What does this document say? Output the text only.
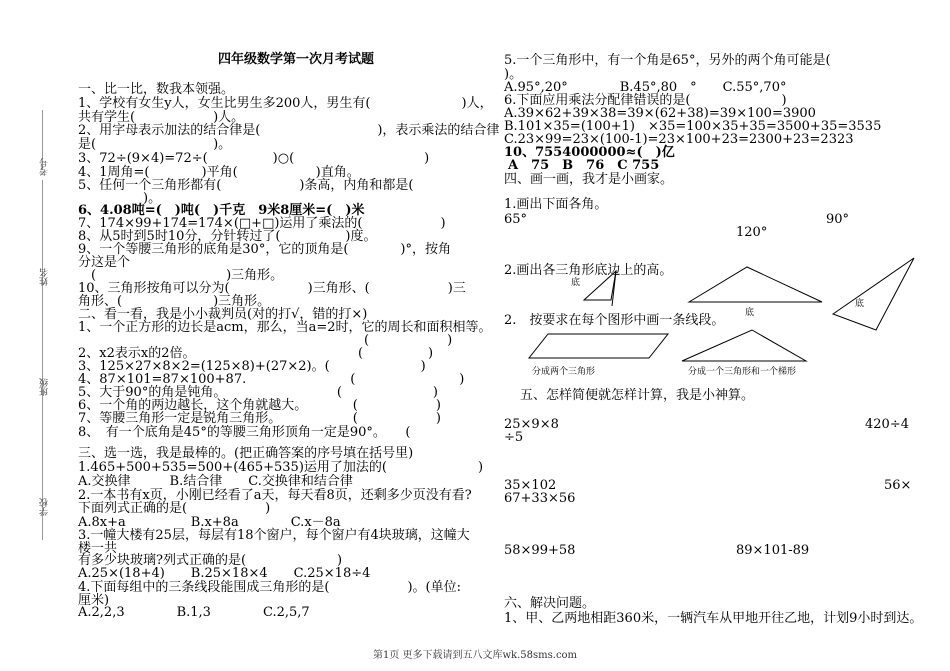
考号
姓名
班级
学校
四年级数学第一次月考试题
一、比一比，数我本领强。
1、学校有女生y人，女生比男生多200人，男生有(　　　　　　　)人，
共有学生(　　　　　　)人。
2、用字母表示加法的结合律是(　　　　　　　　　)，表示乘法的结合律
是(　　　　　　　　　)。
3、72÷(9×4)=72÷(　　　　　)○(　　　　　　　　　　)
4、1周角=(　　　　)平角(　　　　　　)直角。
5、任何一个三角形都有(　　　　　　)条高，内角和都是(
　　　　　)。
6、4.08吨=(　)吨(　)千克　9米8厘米=(　)米
7、174×99+174=174×(□+□)运用了乘法的(　　　　　　)
8、从5时到5时10分，分针转过了(　　　　　)度。
9、一个等腰三角形的底角是30°，它的顶角是(　　　　)°，按角
分这是个
　(　　　　　　　　　　)三角形。
10、三角形按角可以分为(　　　　　　)三角形、(　　　　　　)三
角形、(　　　　　　　)三角形。
二、看一看，我是小小裁判员(对的打√，错的打×)
1、一个正方形的边长是acm，那么，当a=2时，它的周长和面积相等。
　　　　　　　　　　　　　　　　　　　　　　(　　　　　　)
2、x2表示x的2倍。　　　　　　　　　　　　　(　　　　　)
3、125×27×8×2=(125×8)+(27×2)。(　　　　　　　)
4、87×101=87×100+87.　　　　　　　　(　　　　　　　　)
5、大于90°的角是钝角。　　　　　　　　　(　　　　　　　)
6、一个角的两边越长，这个角就越大。　　　　(　　　　　　)
7、等腰三角形一定是锐角三角形。　　　　　　(　　　　　　)
8、　有一个底角是45°的等腰三角形顶角一定是90°。　　(
三、选一选，我是最棒的。(把正确答案的序号填在括号里)
1.465+500+535=500+(465+535)运用了加法的(　　　　　　　)
A.交换律　　　B.结合律　　C.交换律和结合律
2.一本书有x页，小刚已经看了a天，每天看8页，还剩多少页没有看?
下面列式正确的是(　　　　　　)
A.8x+a　　　　　B.x+8a　　　　C.x－8a
3.一幢大楼有25层，每层有18个窗户，每个窗户有4块玻璃，这幢大
楼一共
有多少块玻璃?列式正确的是(　　　　　　　)
A.25×(18+4)　　B.25×18×4　　C.25×18÷4
4.下面每组中的三条线段能围成三角形的是(　　　　　　)。(单位:
厘米)
A.2,2,3　　　　B.1,3　　　　C.2,5,7
5.一个三角形中，有一个角是65°，另外的两个角可能是(
)。
A.95°,20°　　　　B.45°,80　°　　C.55°,70°
6.下面应用乘法分配律错误的是(　　　　　　　)
A.39×62+39×38=39×(62+38)=39×100=3900
B.101×35=(100+1)　×35=100×35+35=3500+35=3535
C.23×99=23×(100-1)=23×100+23=2300+23=2323
10、7554000000≈(　)亿
A　75　B　76　C 755
四、画一画，我才是小画家。
1.画出下面各角。
65°	90°
120°
2.画出各三角形底边上的高。
底
底
底
2.　按要求在每个图形中画一条线段。
分成两个三角形	分成一个三角形和一个梯形
五、怎样简便就怎样计算，我是小神算。
25×9×8	420÷4
÷5
35×102	56×
67+33×56
58×99+58	89×101-89
六、解决问题。
1、甲、乙两地相距360米，一辆汽车从甲地开往乙地，计划9小时到达。
第1页 更多下载请到五八文库wk.58sms.com
